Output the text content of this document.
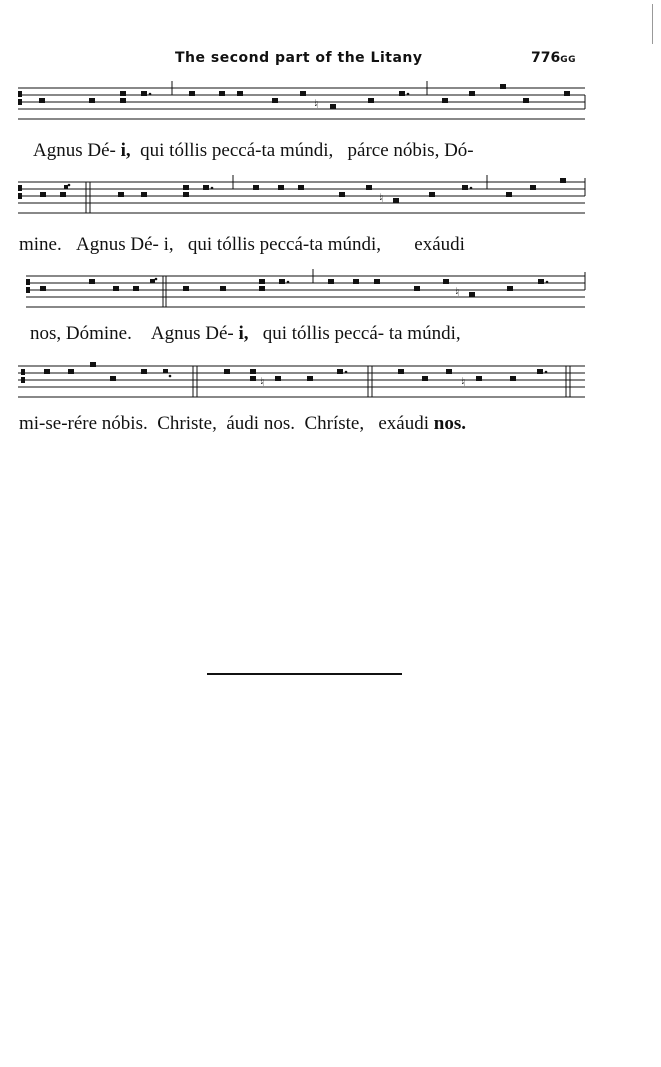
The second part of the Litany	776GG
♮
Agnus Dé- i, qui tóllis peccá-ta múndi, párce nóbis, Dó-
♮
mine. Agnus Dé- i, qui tóllis peccá-ta múndi, exáudi
♮
nos, Dómine. Agnus Dé- i, qui tóllis peccá- ta múndi,
♮	♮
mi-se-rére nóbis. Christe, áudi nos. Chríste, exáudi nos.
